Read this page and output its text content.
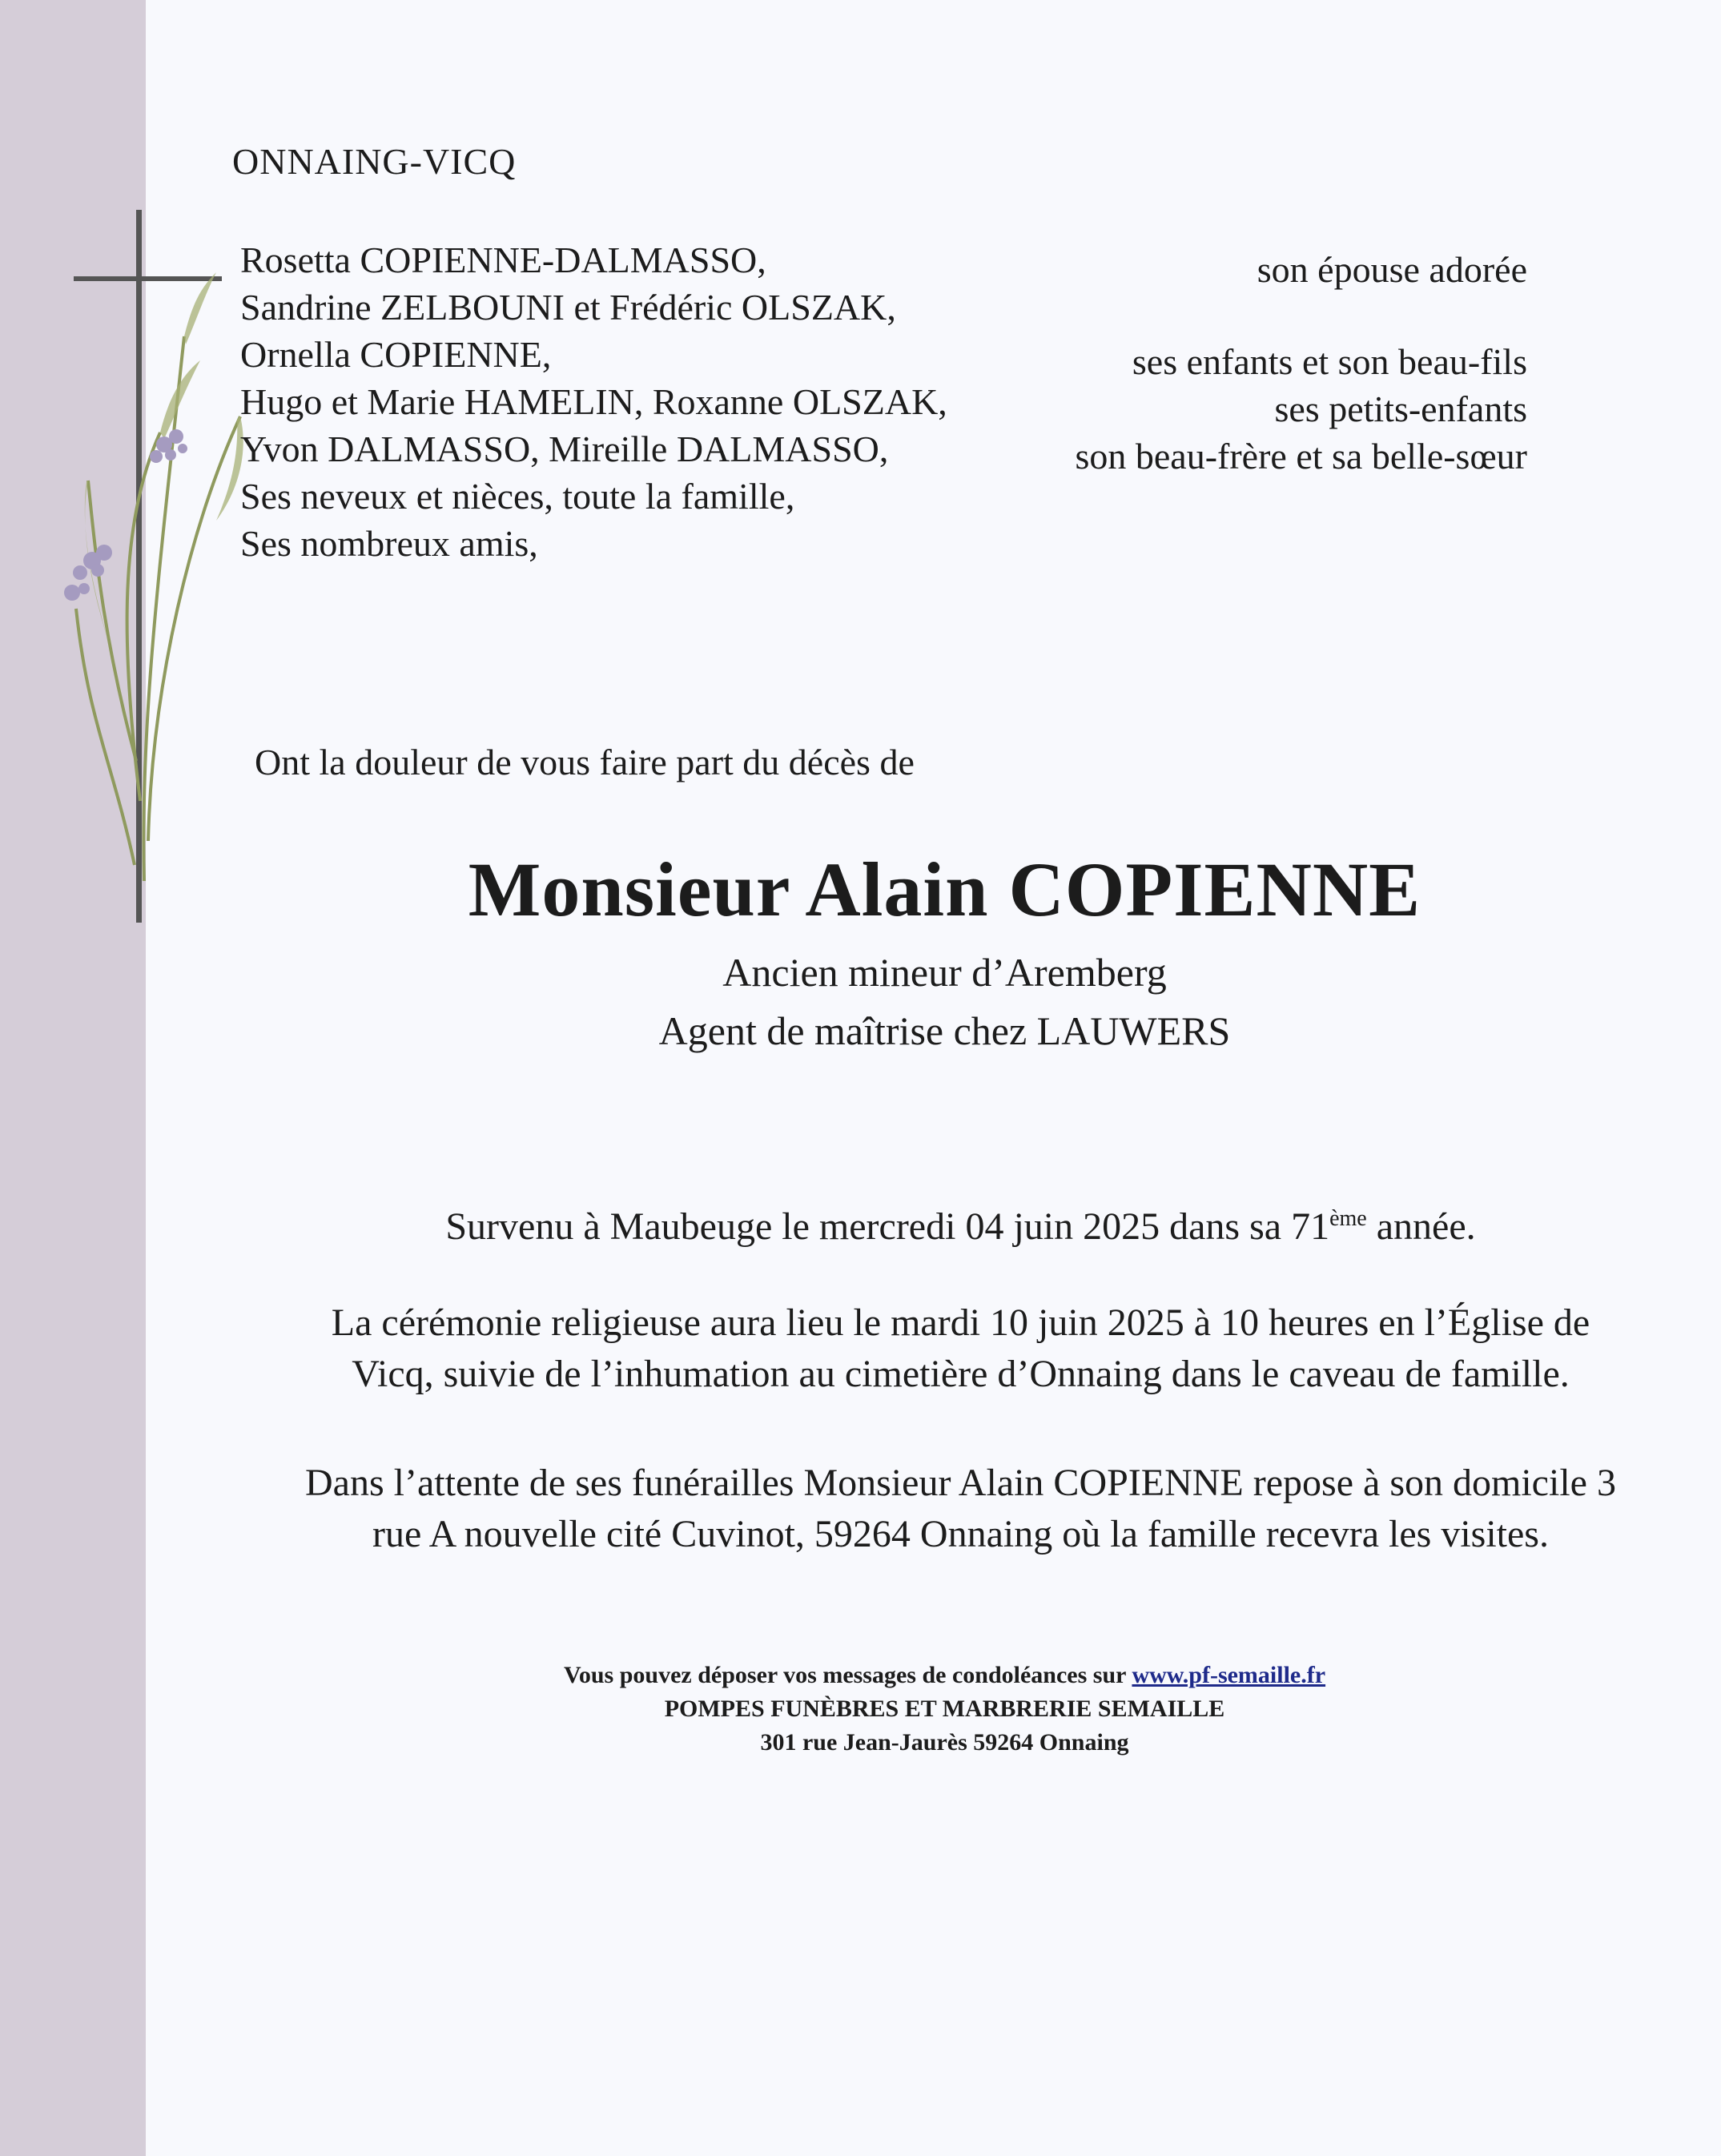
ONNAING-VICQ
Rosetta COPIENNE-DALMASSO,
Sandrine ZELBOUNI et Frédéric OLSZAK,
Ornella COPIENNE,
Hugo et Marie HAMELIN, Roxanne OLSZAK,
Yvon DALMASSO, Mireille DALMASSO,
Ses neveux et nièces, toute la famille,
Ses nombreux amis,
son épouse adorée
ses enfants et son beau-fils
ses petits-enfants
son beau-frère et sa belle-sœur
Ont la douleur de vous faire part du décès de
Monsieur Alain COPIENNE
Ancien mineur d’Aremberg
Agent de maîtrise chez LAUWERS
Survenu à Maubeuge le mercredi 04 juin 2025 dans sa 71ème année.
La cérémonie religieuse aura lieu le mardi 10 juin 2025 à 10 heures en l’Église de
Vicq, suivie de l’inhumation au cimetière d’Onnaing dans le caveau de famille.
Dans l’attente de ses funérailles Monsieur Alain COPIENNE repose à son domicile 3
rue A nouvelle cité Cuvinot, 59264 Onnaing où la famille recevra les visites.
Vous pouvez déposer vos messages de condoléances sur www.pf-semaille.fr
POMPES FUNÈBRES ET MARBRERIE SEMAILLE
301 rue Jean-Jaurès 59264 Onnaing
